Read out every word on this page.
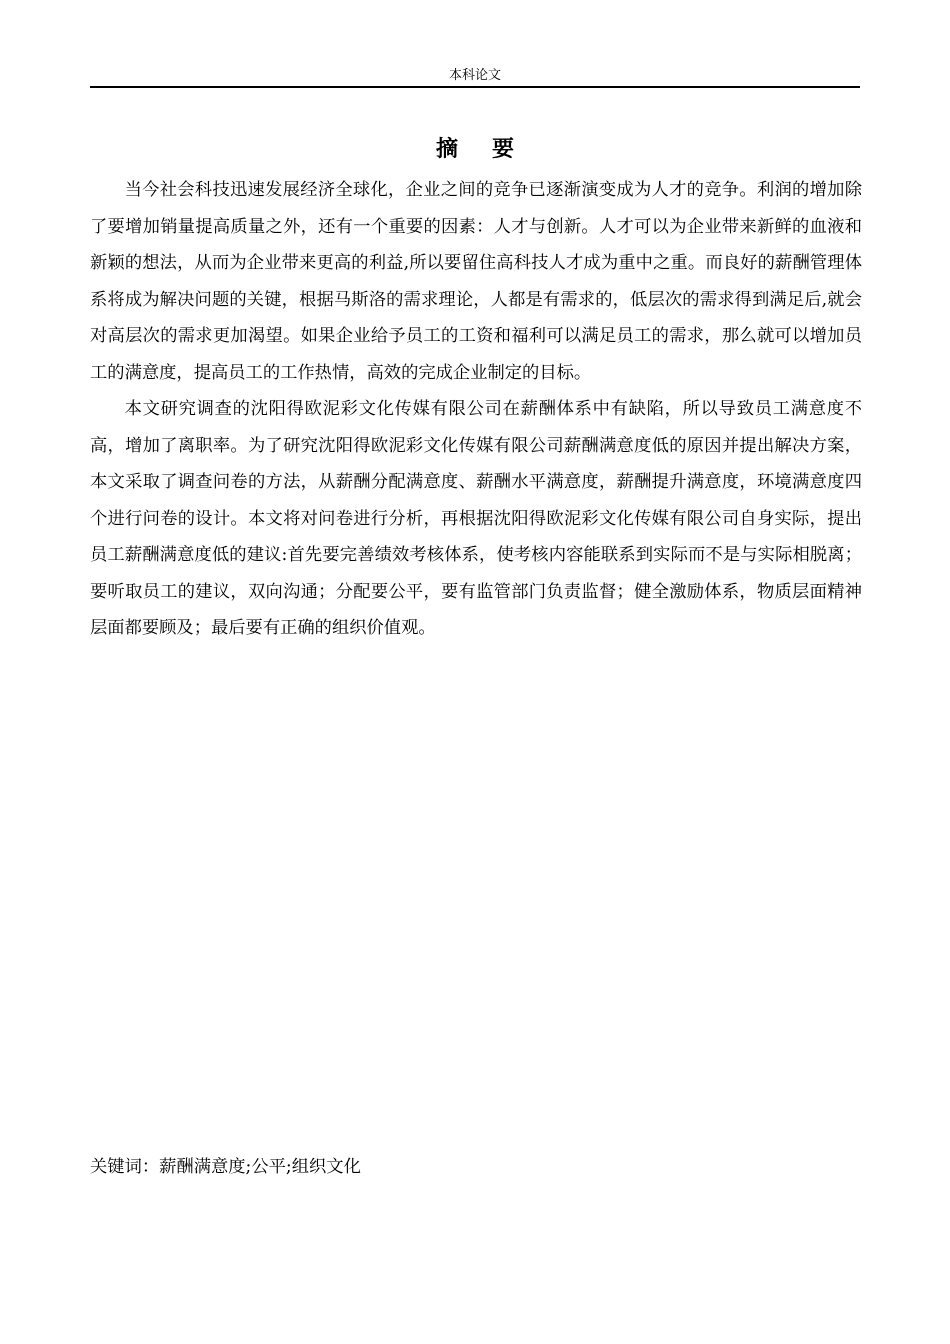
本科论文
摘要

当今社会科技迅速发展经济全球化，企业之间的竞争已逐渐演变成为人才的竞争。利润的增加除了要增加销量提高质量之外，还有一个重要的因素：人才与创新。人才可以为企业带来新鲜的血液和新颖的想法，从而为企业带来更高的利益,所以要留住高科技人才成为重中之重。而良好的薪酬管理体系将成为解决问题的关键，根据马斯洛的需求理论，人都是有需求的，低层次的需求得到满足后,就会对高层次的需求更加渴望。如果企业给予员工的工资和福利可以满足员工的需求，那么就可以增加员工的满意度，提高员工的工作热情，高效的完成企业制定的目标。

本文研究调查的沈阳得欧泥彩文化传媒有限公司在薪酬体系中有缺陷，所以导致员工满意度不高，增加了离职率。为了研究沈阳得欧泥彩文化传媒有限公司薪酬满意度低的原因并提出解决方案，本文采取了调查问卷的方法，从薪酬分配满意度、薪酬水平满意度，薪酬提升满意度，环境满意度四个进行问卷的设计。本文将对问卷进行分析，再根据沈阳得欧泥彩文化传媒有限公司自身实际，提出员工薪酬满意度低的建议:首先要完善绩效考核体系，使考核内容能联系到实际而不是与实际相脱离；要听取员工的建议，双向沟通；分配要公平，要有监管部门负责监督；健全激励体系，物质层面精神层面都要顾及；最后要有正确的组织价值观。

关键词：薪酬满意度;公平;组织文化
